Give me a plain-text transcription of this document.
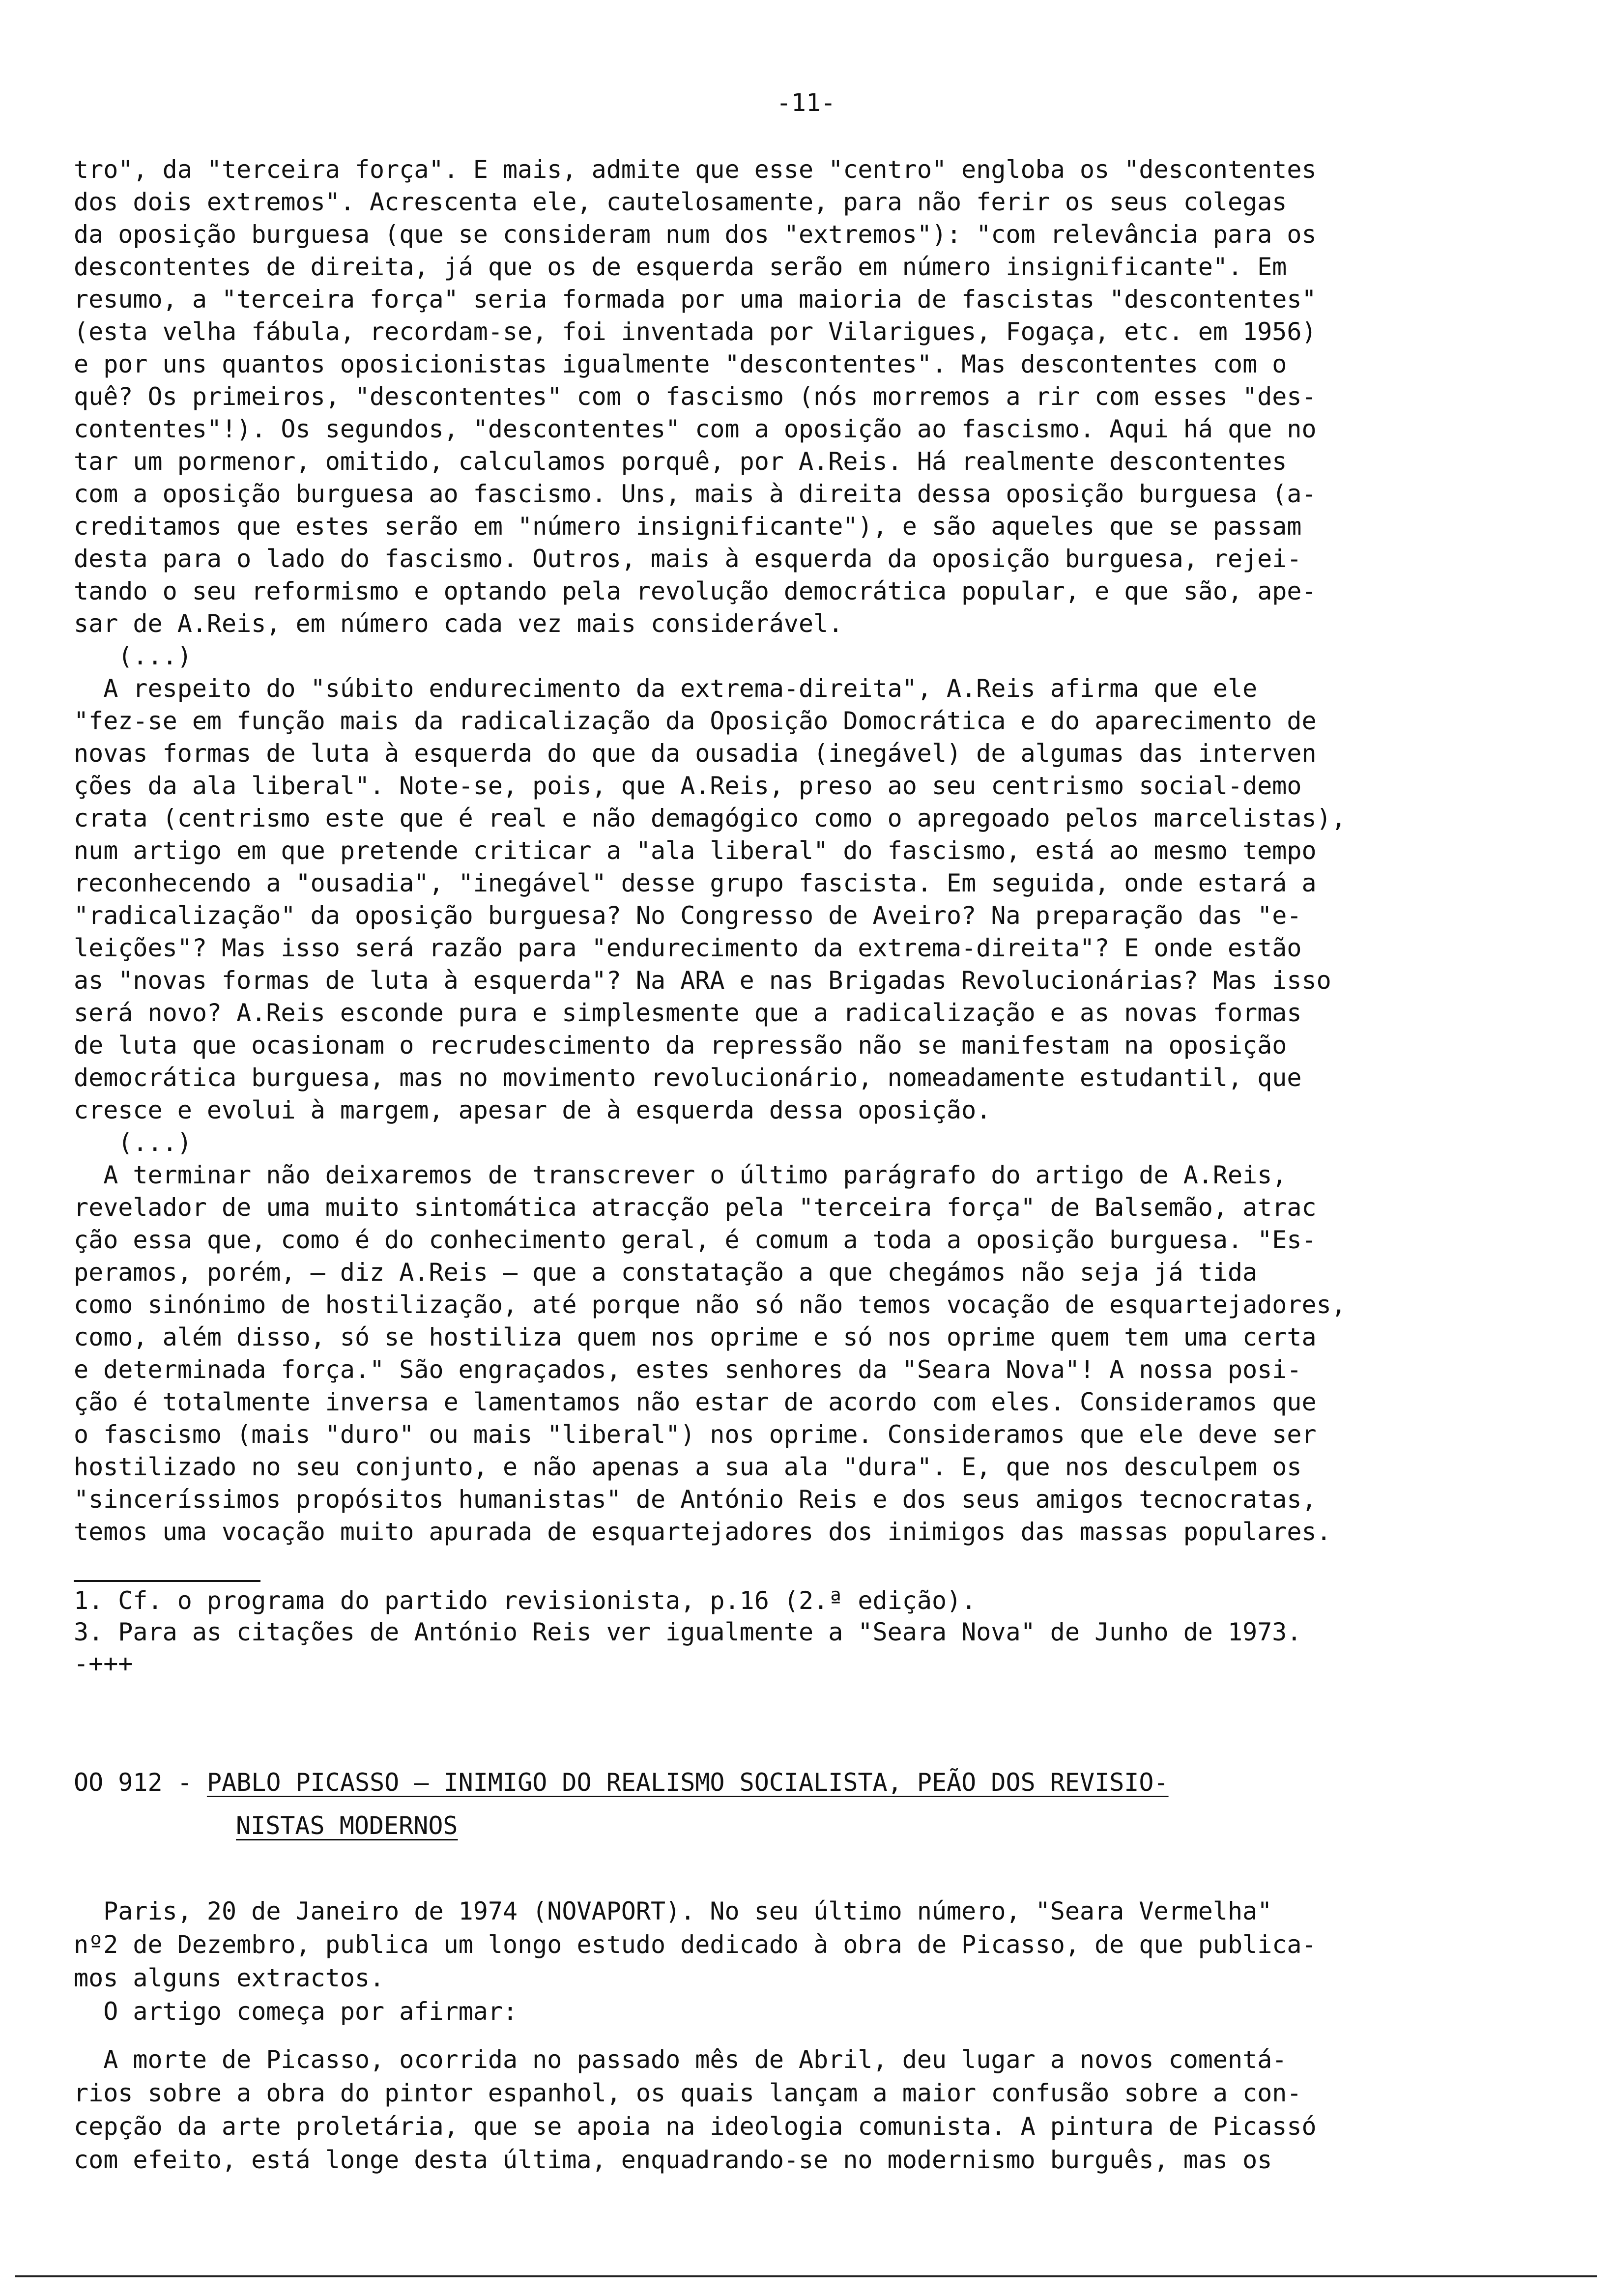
-11-
tro", da "terceira força". E mais, admite que esse "centro" engloba os "descontentes
dos dois extremos". Acrescenta ele, cautelosamente, para não ferir os seus colegas
da oposição burguesa (que se consideram num dos "extremos"): "com relevância para os
descontentes de direita, já que os de esquerda serão em número insignificante". Em
resumo, a "terceira força" seria formada por uma maioria de fascistas "descontentes"
(esta velha fábula, recordam-se, foi inventada por Vilarigues, Fogaça, etc. em 1956)
e por uns quantos oposicionistas igualmente "descontentes". Mas descontentes com o
quê? Os primeiros, "descontentes" com o fascismo (nós morremos a rir com esses "des-
contentes"!). Os segundos, "descontentes" com a oposição ao fascismo. Aqui há que no
tar um pormenor, omitido, calculamos porquê, por A.Reis. Há realmente descontentes
com a oposição burguesa ao fascismo. Uns, mais à direita dessa oposição burguesa (a-
creditamos que estes serão em "número insignificante"), e são aqueles que se passam
desta para o lado do fascismo. Outros, mais à esquerda da oposição burguesa, rejei-
tando o seu reformismo e optando pela revolução democrática popular, e que são, ape-
sar de A.Reis, em número cada vez mais considerável.
(...)
A respeito do "súbito endurecimento da extrema-direita", A.Reis afirma que ele
"fez-se em função mais da radicalização da Oposição Domocrática e do aparecimento de
novas formas de luta à esquerda do que da ousadia (inegável) de algumas das interven
ções da ala liberal". Note-se, pois, que A.Reis, preso ao seu centrismo social-demo
crata (centrismo este que é real e não demagógico como o apregoado pelos marcelistas),
num artigo em que pretende criticar a "ala liberal" do fascismo, está ao mesmo tempo
reconhecendo a "ousadia", "inegável" desse grupo fascista. Em seguida, onde estará a
"radicalização" da oposição burguesa? No Congresso de Aveiro? Na preparação das "e-
leições"? Mas isso será razão para "endurecimento da extrema-direita"? E onde estão
as "novas formas de luta à esquerda"? Na ARA e nas Brigadas Revolucionárias? Mas isso
será novo? A.Reis esconde pura e simplesmente que a radicalização e as novas formas
de luta que ocasionam o recrudescimento da repressão não se manifestam na oposição
democrática burguesa, mas no movimento revolucionário, nomeadamente estudantil, que
cresce e evolui à margem, apesar de à esquerda dessa oposição.
(...)
A terminar não deixaremos de transcrever o último parágrafo do artigo de A.Reis,
revelador de uma muito sintomática atracção pela "terceira força" de Balsemão, atrac
ção essa que, como é do conhecimento geral, é comum a toda a oposição burguesa. "Es-
peramos, porém, — diz A.Reis — que a constatação a que chegámos não seja já tida
como sinónimo de hostilização, até porque não só não temos vocação de esquartejadores,
como, além disso, só se hostiliza quem nos oprime e só nos oprime quem tem uma certa
e determinada força." São engraçados, estes senhores da "Seara Nova"! A nossa posi-
ção é totalmente inversa e lamentamos não estar de acordo com eles. Consideramos que
o fascismo (mais "duro" ou mais "liberal") nos oprime. Consideramos que ele deve ser
hostilizado no seu conjunto, e não apenas a sua ala "dura". E, que nos desculpem os
"sinceríssimos propósitos humanistas" de António Reis e dos seus amigos tecnocratas,
temos uma vocação muito apurada de esquartejadores dos inimigos das massas populares.
1. Cf. o programa do partido revisionista, p.16 (2.ª edição).
3. Para as citações de António Reis ver igualmente a "Seara Nova" de Junho de 1973.
-+++
OO 912 - PABLO PICASSO — INIMIGO DO REALISMO SOCIALISTA, PEÃO DOS REVISIO-
NISTAS MODERNOS
Paris, 20 de Janeiro de 1974 (NOVAPORT). No seu último número, "Seara Vermelha"
nº2 de Dezembro, publica um longo estudo dedicado à obra de Picasso, de que publica-
mos alguns extractos.
O artigo começa por afirmar:
A morte de Picasso, ocorrida no passado mês de Abril, deu lugar a novos comentá-
rios sobre a obra do pintor espanhol, os quais lançam a maior confusão sobre a con-
cepção da arte proletária, que se apoia na ideologia comunista. A pintura de Picassó
com efeito, está longe desta última, enquadrando-se no modernismo burguês, mas os
